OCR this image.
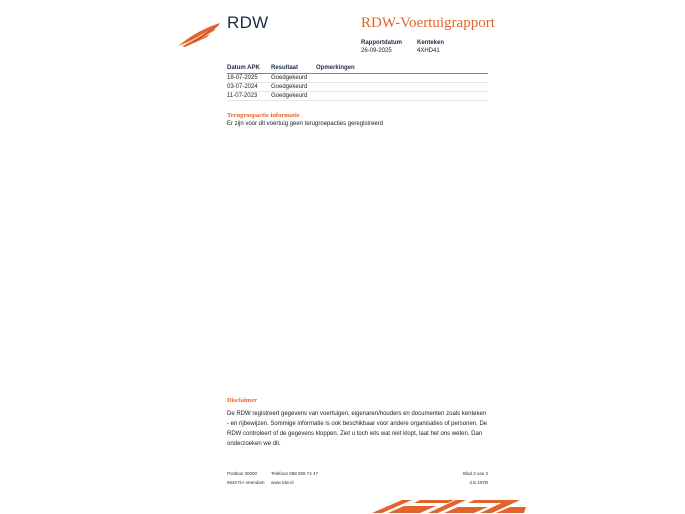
RDW	RDW-Voertuigrapport
Rapportdatum
26-09-2025
Kenteken
4XHD41
Datum APK Resultaat	Opmerkingen
18-07-2025 Goedgekeurd
03-07-2024 Goedgekeurd
11-07-2023 Goedgekeurd
Terugroepactie informatie
Er zijn voor dit voertuig geen terugroepacties geregistreerd
Disclaimer
De RDW registreert gegevens van voertuigen, eigenaren/houders en documenten zoals kenteken - en rijbewijzen. Sommige informatie is ook beschikbaar voor andere organisaties of personen. De RDW controleert of de gegevens kloppen. Ziet u toch iets wat niet klopt, laat het ons weten. Dan onderzoeken we dit.
Postbus 30000
9640 RA Veendam
Telefoon 088 008 74 47
www.rdw.nl
Blad 3 van 3
2.E.197B
